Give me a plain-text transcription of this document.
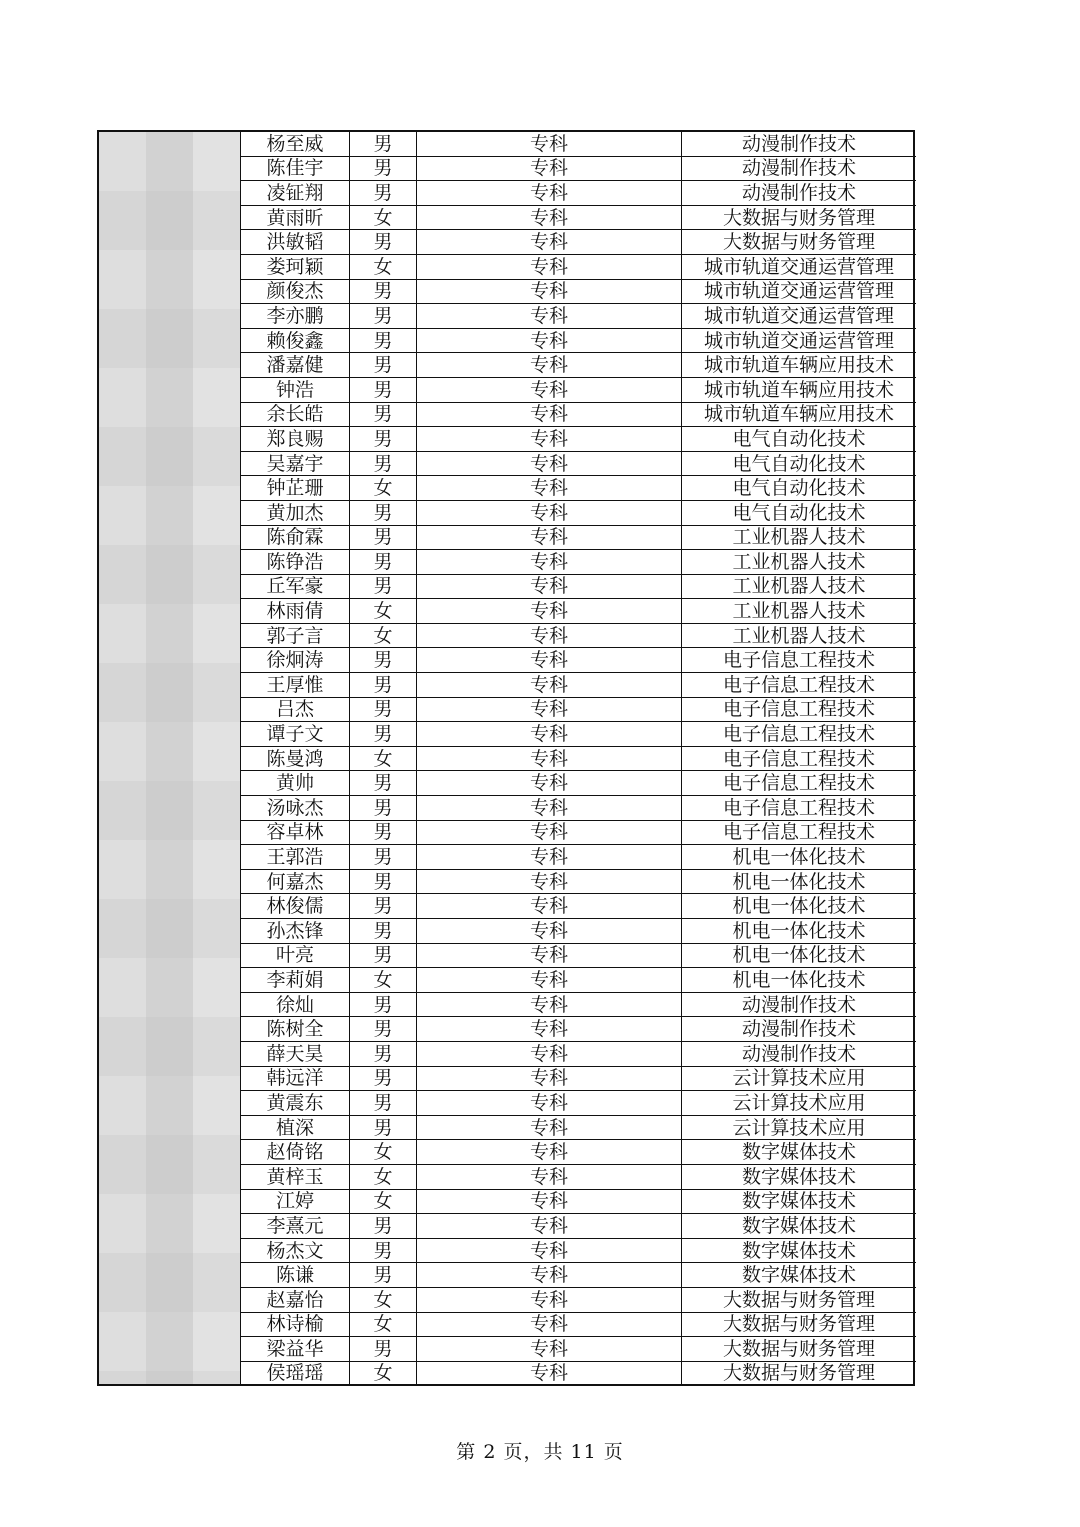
杨至威	男	专科	动漫制作技术
陈佳宇	男	专科	动漫制作技术
凌钲翔	男	专科	动漫制作技术
黄雨昕	女	专科	大数据与财务管理
洪敏韬	男	专科	大数据与财务管理
娄珂颖	女	专科	城市轨道交通运营管理
颜俊杰	男	专科	城市轨道交通运营管理
李亦鹏	男	专科	城市轨道交通运营管理
赖俊鑫	男	专科	城市轨道交通运营管理
潘嘉健	男	专科	城市轨道车辆应用技术
钟浩	男	专科	城市轨道车辆应用技术
余长皓	男	专科	城市轨道车辆应用技术
郑良赐	男	专科	电气自动化技术
吴嘉宇	男	专科	电气自动化技术
钟芷珊	女	专科	电气自动化技术
黄加杰	男	专科	电气自动化技术
陈俞霖	男	专科	工业机器人技术
陈铮浩	男	专科	工业机器人技术
丘军豪	男	专科	工业机器人技术
林雨倩	女	专科	工业机器人技术
郭子言	女	专科	工业机器人技术
徐炯涛	男	专科	电子信息工程技术
王厚惟	男	专科	电子信息工程技术
吕杰	男	专科	电子信息工程技术
谭子文	男	专科	电子信息工程技术
陈曼鸿	女	专科	电子信息工程技术
黄帅	男	专科	电子信息工程技术
汤咏杰	男	专科	电子信息工程技术
容卓林	男	专科	电子信息工程技术
王郭浩	男	专科	机电一体化技术
何嘉杰	男	专科	机电一体化技术
林俊儒	男	专科	机电一体化技术
孙杰锋	男	专科	机电一体化技术
叶亮	男	专科	机电一体化技术
李莉娟	女	专科	机电一体化技术
徐灿	男	专科	动漫制作技术
陈树全	男	专科	动漫制作技术
薛天昊	男	专科	动漫制作技术
韩远洋	男	专科	云计算技术应用
黄震东	男	专科	云计算技术应用
植深	男	专科	云计算技术应用
赵倚铭	女	专科	数字媒体技术
黄梓玉	女	专科	数字媒体技术
江婷	女	专科	数字媒体技术
李熹元	男	专科	数字媒体技术
杨杰文	男	专科	数字媒体技术
陈谦	男	专科	数字媒体技术
赵嘉怡	女	专科	大数据与财务管理
林诗榆	女	专科	大数据与财务管理
梁益华	男	专科	大数据与财务管理
侯瑶瑶	女	专科	大数据与财务管理
第 2 页，共 11 页
